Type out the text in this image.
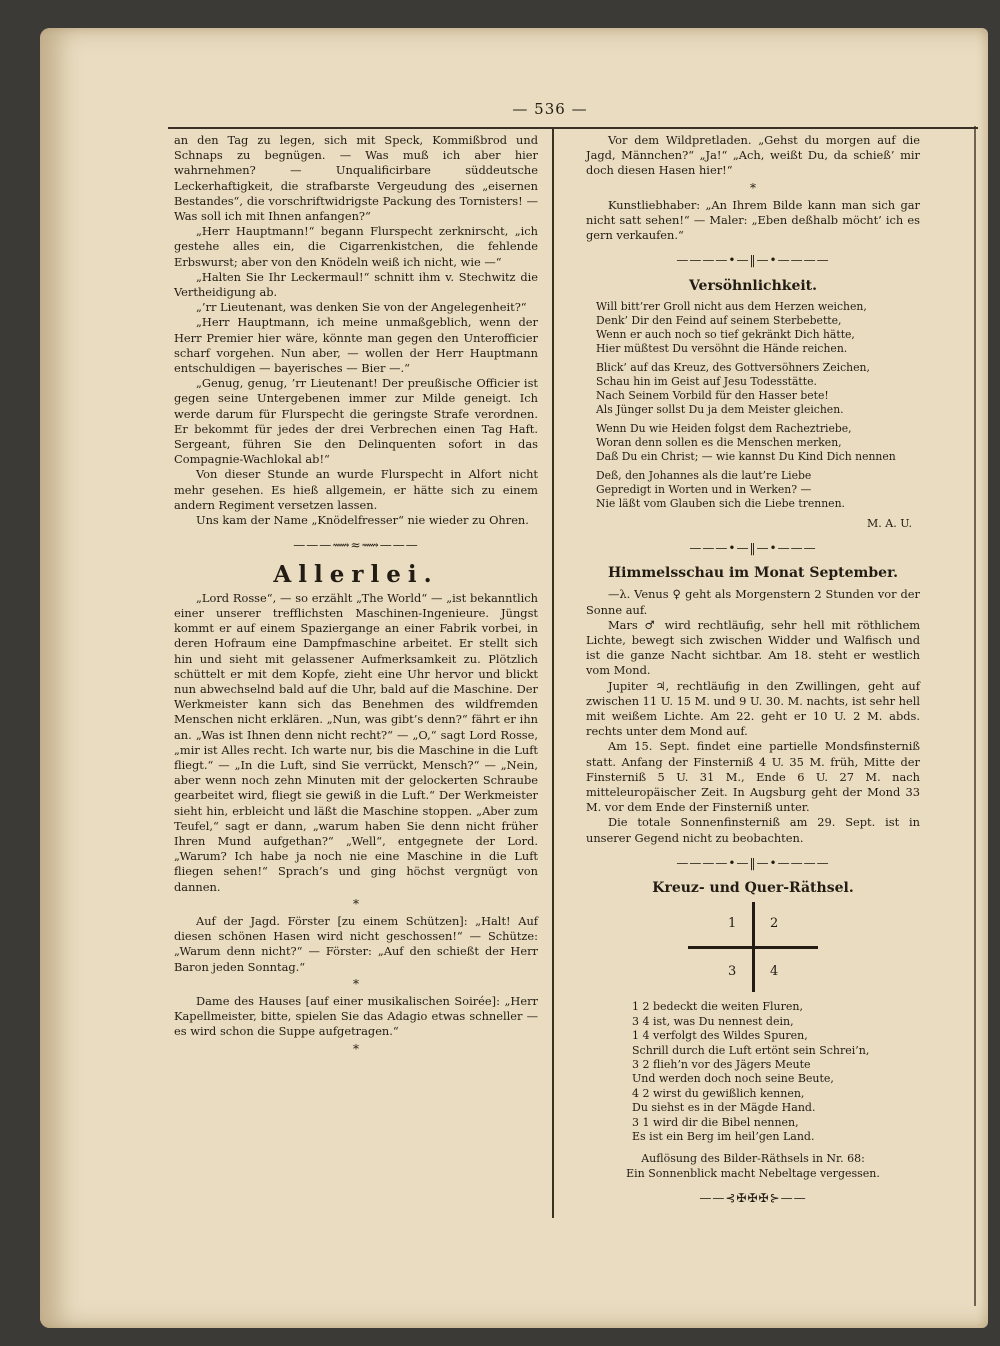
— 536 —

an den Tag zu legen, sich mit Speck, Kommißbrod und Schnaps zu begnügen. — Was muß ich aber hier wahrnehmen? — Unqualificirbare süddeutsche Leckerhaftigkeit, die strafbarste Vergeudung des „eisernen Bestandes“, die vorschriftwidrigste Packung des Tornisters! — Was soll ich mit Ihnen anfangen?“

„Herr Hauptmann!“ begann Flurspecht zerknirscht, „ich gestehe alles ein, die Cigarrenkistchen, die fehlende Erbswurst; aber von den Knödeln weiß ich nicht, wie —“

„Halten Sie Ihr Leckermaul!“ schnitt ihm v. Stechwitz die Vertheidigung ab.

„’rr Lieutenant, was denken Sie von der Angelegenheit?“

„Herr Hauptmann, ich meine unmaßgeblich, wenn der Herr Premier hier wäre, könnte man gegen den Unterofficier scharf vorgehen. Nun aber, — wollen der Herr Hauptmann entschuldigen — bayerisches — Bier —.“

„Genug, genug, ’rr Lieutenant! Der preußische Officier ist gegen seine Untergebenen immer zur Milde geneigt. Ich werde darum für Flurspecht die geringste Strafe verordnen. Er bekommt für jedes der drei Verbrechen einen Tag Haft. Sergeant, führen Sie den Delinquenten sofort in das Compagnie-Wachlokal ab!“

Von dieser Stunde an wurde Flurspecht in Alfort nicht mehr gesehen. Es hieß allgemein, er hätte sich zu einem andern Regiment versetzen lassen.

Uns kam der Name „Knödelfresser“ nie wieder zu Ohren.

———⟿≈⟿———
Allerlei.

„Lord Rosse“, — so erzählt „The World“ — „ist bekanntlich einer unserer trefflichsten Maschinen-Ingenieure. Jüngst kommt er auf einem Spaziergange an einer Fabrik vorbei, in deren Hofraum eine Dampfmaschine arbeitet. Er stellt sich hin und sieht mit gelassener Aufmerksamkeit zu. Plötzlich schüttelt er mit dem Kopfe, zieht eine Uhr hervor und blickt nun abwechselnd bald auf die Uhr, bald auf die Maschine. Der Werkmeister kann sich das Benehmen des wildfremden Menschen nicht erklären. „Nun, was gibt’s denn?“ fährt er ihn an. „Was ist Ihnen denn nicht recht?“ — „O,“ sagt Lord Rosse, „mir ist Alles recht. Ich warte nur, bis die Maschine in die Luft fliegt.“ — „In die Luft, sind Sie verrückt, Mensch?“ — „Nein, aber wenn noch zehn Minuten mit der gelockerten Schraube gearbeitet wird, fliegt sie gewiß in die Luft.“ Der Werkmeister sieht hin, erbleicht und läßt die Maschine stoppen. „Aber zum Teufel,“ sagt er dann, „warum haben Sie denn nicht früher Ihren Mund aufgethan?“ „Well“, entgegnete der Lord. „Warum? Ich habe ja noch nie eine Maschine in die Luft fliegen sehen!“ Sprach’s und ging höchst vergnügt von dannen.

*

Auf der Jagd. Förster [zu einem Schützen]: „Halt! Auf diesen schönen Hasen wird nicht geschossen!“ — Schütze: „Warum denn nicht?“ — Förster: „Auf den schießt der Herr Baron jeden Sonntag.“

*

Dame des Hauses [auf einer musikalischen Soirée]: „Herr Kapellmeister, bitte, spielen Sie das Adagio etwas schneller — es wird schon die Suppe aufgetragen.“

*

Vor dem Wildpretladen. „Gehst du morgen auf die Jagd, Männchen?“ „Ja!“ „Ach, weißt Du, da schieß’ mir doch diesen Hasen hier!“

*

Kunstliebhaber: „An Ihrem Bilde kann man sich gar nicht satt sehen!“ — Maler: „Eben deßhalb möcht’ ich es gern verkaufen.“

————•—‖—•————
Versöhnlichkeit.
Will bitt’rer Groll nicht aus dem Herzen weichen,
Denk’ Dir den Feind auf seinem Sterbebette,
Wenn er auch noch so tief gekränkt Dich hätte,
Hier müßtest Du versöhnt die Hände reichen.
Blick’ auf das Kreuz, des Gottversöhners Zeichen,
Schau hin im Geist auf Jesu Todesstätte.
Nach Seinem Vorbild für den Hasser bete!
Als Jünger sollst Du ja dem Meister gleichen.
Wenn Du wie Heiden folgst dem Racheztriebe,
Woran denn sollen es die Menschen merken,
Daß Du ein Christ; — wie kannst Du Kind Dich nennen
Deß, den Johannes als die laut’re Liebe
Gepredigt in Worten und in Werken? —
Nie läßt vom Glauben sich die Liebe trennen.
M. A. U.
———•—‖—•———
Himmelsschau im Monat September.

—λ. Venus ♀ geht als Morgenstern 2 Stunden vor der Sonne auf.

Mars ♂ wird rechtläufig, sehr hell mit röthlichem Lichte, bewegt sich zwischen Widder und Walfisch und ist die ganze Nacht sichtbar. Am 18. steht er westlich vom Mond.

Jupiter ♃, rechtläufig in den Zwillingen, geht auf zwischen 11 U. 15 M. und 9 U. 30. M. nachts, ist sehr hell mit weißem Lichte. Am 22. geht er 10 U. 2 M. abds. rechts unter dem Mond auf.

Am 15. Sept. findet eine partielle Mondsfinsterniß statt. Anfang der Finsterniß 4 U. 35 M. früh, Mitte der Finsterniß 5 U. 31 M., Ende 6 U. 27 M. nach mitteleuropäischer Zeit. In Augsburg geht der Mond 33 M. vor dem Ende der Finsterniß unter.

Die totale Sonnenfinsterniß am 29. Sept. ist in unserer Gegend nicht zu beobachten.

————•—‖—•————
Kreuz- und Quer-Räthsel.
1	2
3	4
1 2 bedeckt die weiten Fluren,
3 4 ist, was Du nennest dein,
1 4 verfolgt des Wildes Spuren,
Schrill durch die Luft ertönt sein Schrei’n,
3 2 flieh’n vor des Jägers Meute
Und werden doch noch seine Beute,
4 2 wirst du gewißlich kennen,
Du siehst es in der Mägde Hand.
3 1 wird dir die Bibel nennen,
Es ist ein Berg im heil’gen Land.
Auflösung des Bilder-Räthsels in Nr. 68:
Ein Sonnenblick macht Nebeltage vergessen.
——⊰✠✠✠⊱——
